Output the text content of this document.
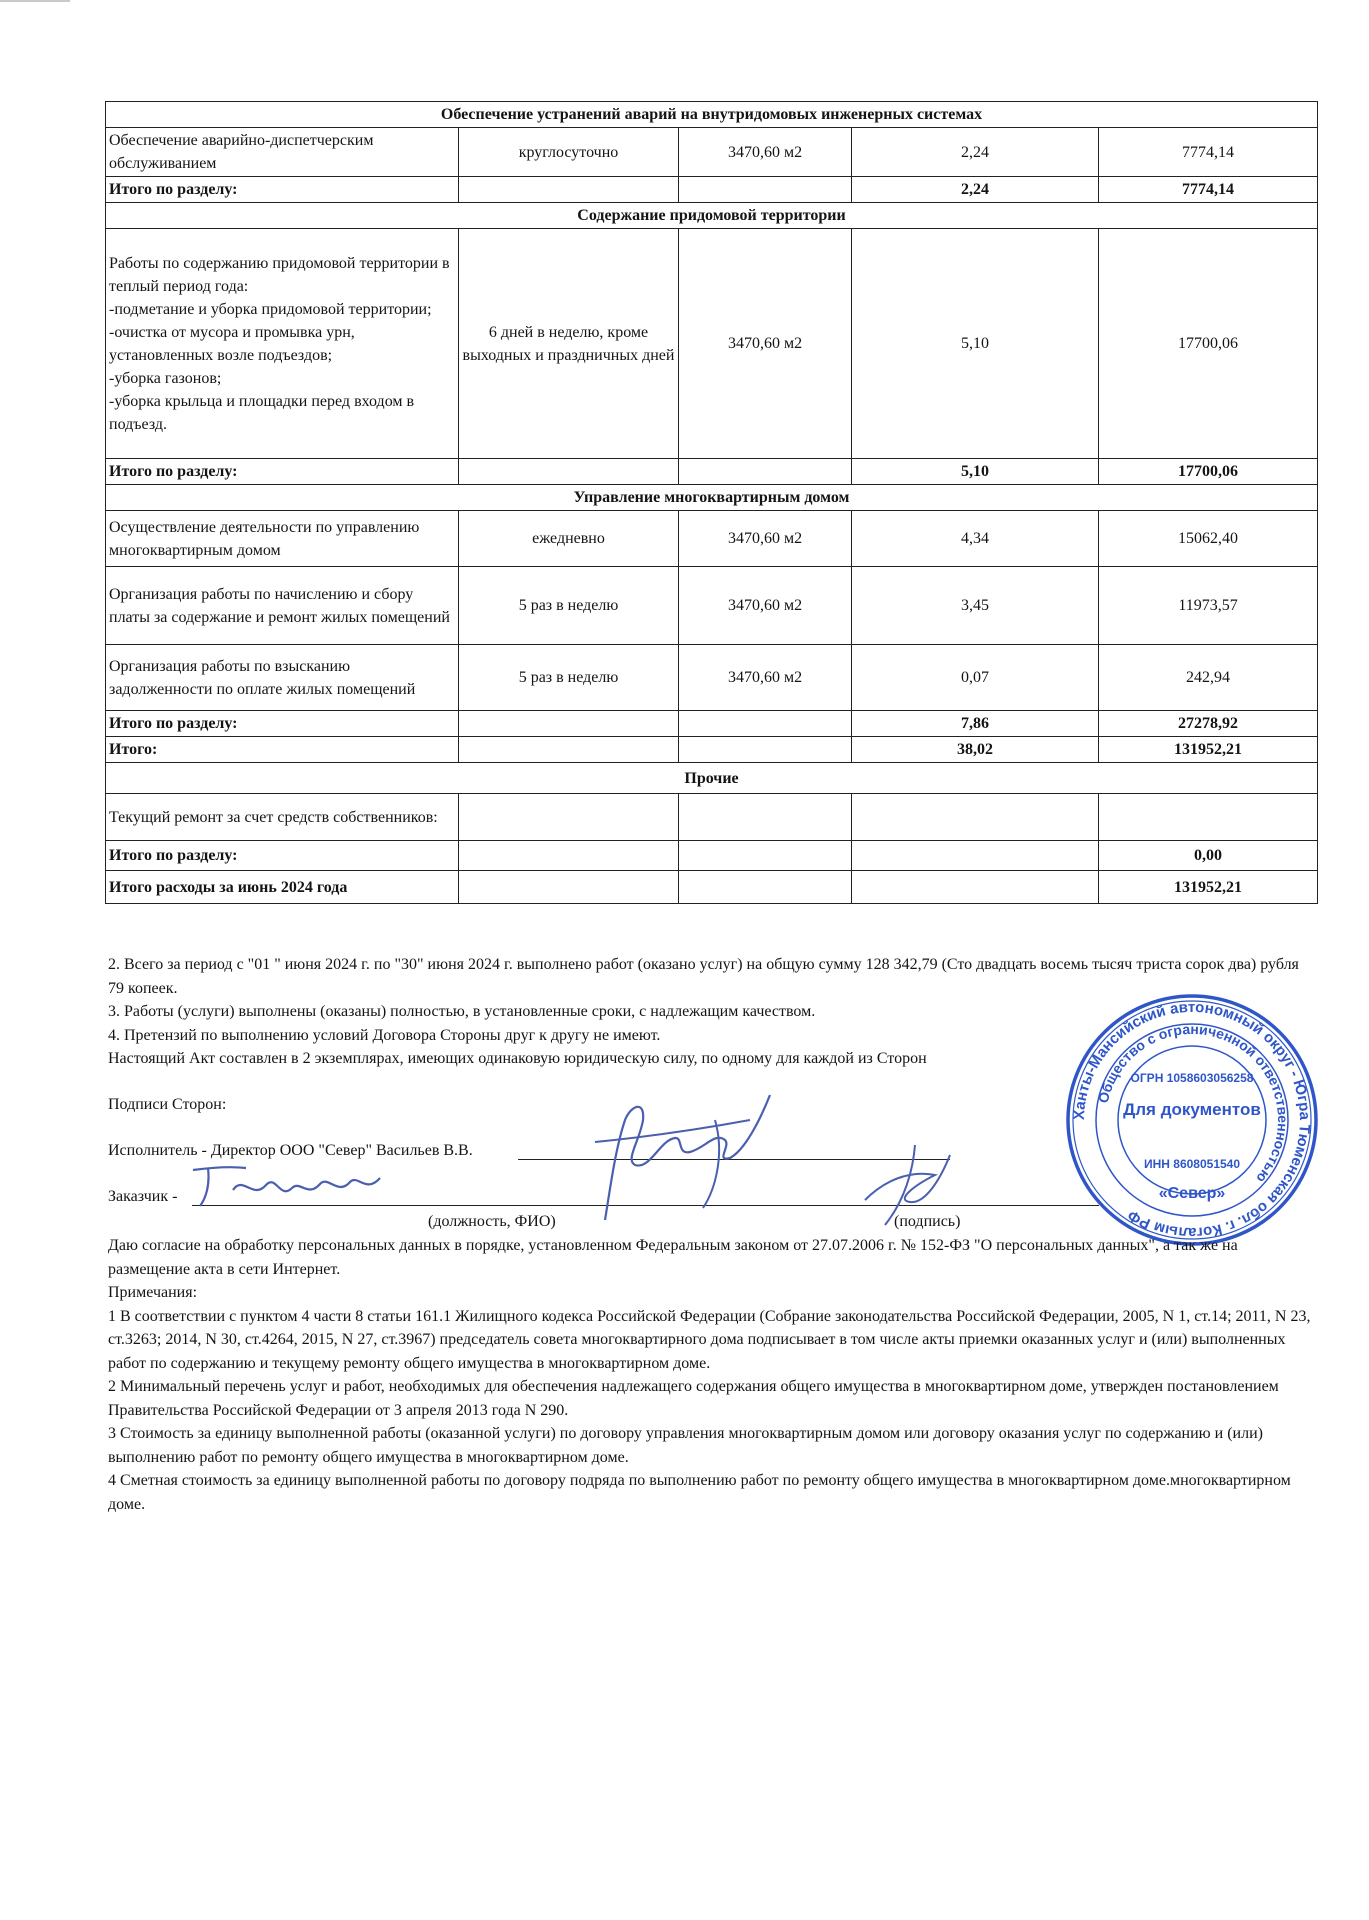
Обеспечение устранений аварий на внутридомовых инженерных системах				
Обеспечение аварийно-диспетчерским обслуживанием	круглосуточно	3470,60 м2	2,24	7774,14
Итого по разделу:			2,24	7774,14
Содержание придомовой территории				
Работы по содержанию придомовой территории в теплый период года:
-подметание и уборка придомовой территории;
-очистка от мусора и промывка урн, установленных возле подъездов;
-уборка газонов;
-уборка крыльца и площадки перед входом в подъезд.	6 дней в неделю, кроме выходных и праздничных дней	3470,60 м2	5,10	17700,06
Итого по разделу:			5,10	17700,06
Управление многоквартирным домом				
Осуществление деятельности по управлению многоквартирным домом	ежедневно	3470,60 м2	4,34	15062,40
Организация работы по начислению и сбору платы за содержание и ремонт жилых помещений	5 раз в неделю	3470,60 м2	3,45	11973,57
Организация работы по взысканию задолженности по оплате жилых помещений	5 раз в неделю	3470,60 м2	0,07	242,94
Итого по разделу:			7,86	27278,92
Итого:			38,02	131952,21
Прочие				
Текущий ремонт за счет средств собственников:				
Итого по разделу:				0,00
Итого расходы за июнь 2024 года				131952,21

2. Всего за период с "01 " июня 2024 г. по "30" июня 2024 г. выполнено работ (оказано услуг) на общую сумму 128 342,79 (Сто двадцать восемь тысяч триста сорок два) рубля 79 копеек.

3. Работы (услуги) выполнены (оказаны) полностью, в установленные сроки, с надлежащим качеством.

4. Претензий по выполнению условий Договора Стороны друг к другу не имеют.

Настоящий Акт составлен в 2 экземплярах, имеющих одинаковую юридическую силу, по одному для каждой из Сторон

Подписи Сторон:
Исполнитель - Директор ООО "Север" Васильев В.В.
Заказчик -
(должность, ФИО)	(подпись)
Ханты-Мансийский автономный округ - Югра Тюменская обл. г. Когалым РФ
Общество с ограниченной ответственностью
ОГРН 1058603056258
Для документов
ИНН 8608051540
«Север»

Даю согласие на обработку персональных данных в порядке, установленном Федеральным законом от 27.07.2006 г. № 152-ФЗ "О персональных данных", а так же на размещение акта в сети Интернет.

Примечания:

1 В соответствии с пунктом 4 части 8 статьи 161.1 Жилищного кодекса Российской Федерации (Собрание законодательства Российской Федерации, 2005, N 1, ст.14; 2011, N 23, ст.3263; 2014, N 30, ст.4264, 2015, N 27, ст.3967) председатель совета многоквартирного дома подписывает в том числе акты приемки оказанных услуг и (или) выполненных работ по содержанию и текущему ремонту общего имущества в многоквартирном доме.

2 Минимальный перечень услуг и работ, необходимых для обеспечения надлежащего содержания общего имущества в многоквартирном доме, утвержден постановлением Правительства Российской Федерации от 3 апреля 2013 года N 290.

3 Стоимость за единицу выполненной работы (оказанной услуги) по договору управления многоквартирным домом или договору оказания услуг по содержанию и (или) выполнению работ по ремонту общего имущества в многоквартирном доме.

4 Сметная стоимость за единицу выполненной работы по договору подряда по выполнению работ по ремонту общего имущества в многоквартирном доме.многоквартирном доме.
